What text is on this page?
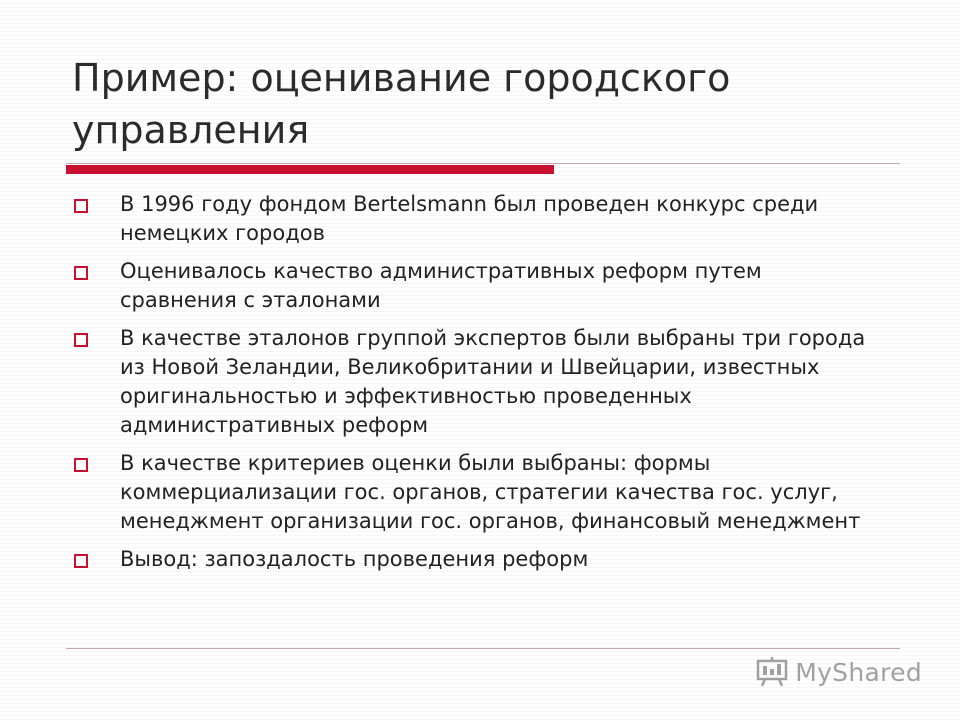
Пример: оценивание городского управления
В 1996 году фондом Bertelsmann был проведен конкурс среди немецких городов
Оценивалось качество административных реформ путем сравнения с эталонами
В качестве эталонов группой экспертов были выбраны три города из Новой Зеландии, Великобритании и Швейцарии, известных оригинальностью и эффективностью проведенных административных реформ
В качестве критериев оценки были выбраны: формы коммерциализации гос. органов, стратегии качества гос. услуг, менеджмент организации гос. органов, финансовый менеджмент
Вывод: запоздалость проведения реформ
MyShared
